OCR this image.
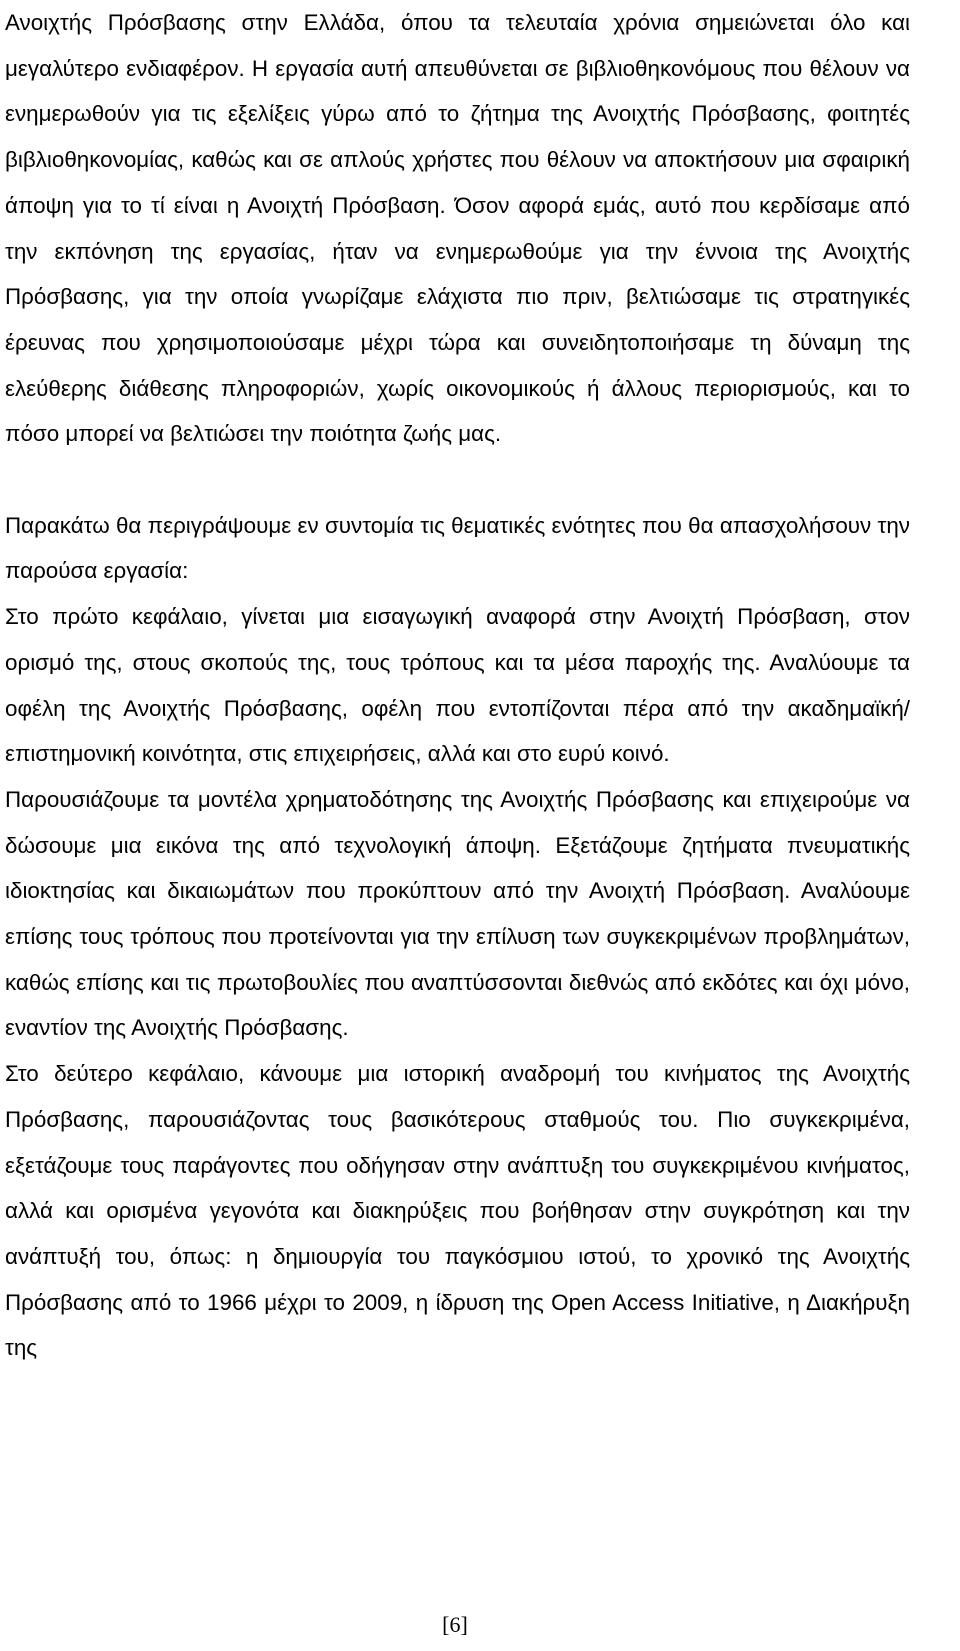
Ανοιχτής Πρόσβασης στην Ελλάδα, όπου τα τελευταία χρόνια σημειώνεται όλο και μεγαλύτερο ενδιαφέρον. Η εργασία αυτή απευθύνεται σε βιβλιοθηκονόμους που θέλουν να ενημερωθούν για τις εξελίξεις γύρω από το ζήτημα της Ανοιχτής Πρόσβασης, φοιτητές βιβλιοθηκονομίας, καθώς και σε απλούς χρήστες που θέλουν να αποκτήσουν μια σφαιρική άποψη για το τί είναι η Ανοιχτή Πρόσβαση. Όσον αφορά εμάς, αυτό που κερδίσαμε από την εκπόνηση της εργασίας, ήταν να ενημερωθούμε για την έννοια της Ανοιχτής Πρόσβασης, για την οποία γνωρίζαμε ελάχιστα πιο πριν, βελτιώσαμε τις στρατηγικές έρευνας που χρησιμοποιούσαμε μέχρι τώρα και συνειδητοποιήσαμε τη δύναμη της ελεύθερης διάθεσης πληροφοριών, χωρίς οικονομικούς ή άλλους περιορισμούς, και το πόσο μπορεί να βελτιώσει την ποιότητα ζωής μας.

Παρακάτω θα περιγράψουμε εν συντομία τις θεματικές ενότητες που θα απασχολήσουν την παρούσα εργασία:

Στο πρώτο κεφάλαιο, γίνεται μια εισαγωγική αναφορά στην Ανοιχτή Πρόσβαση, στον ορισμό της, στους σκοπούς της, τους τρόπους και τα μέσα παροχής της. Αναλύουμε τα οφέλη της Ανοιχτής Πρόσβασης, οφέλη που εντοπίζονται πέρα από την ακαδημαϊκή/ επιστημονική κοινότητα, στις επιχειρήσεις, αλλά και στο ευρύ κοινό.

Παρουσιάζουμε τα μοντέλα χρηματοδότησης της Ανοιχτής Πρόσβασης και επιχειρούμε να δώσουμε μια εικόνα της από τεχνολογική άποψη. Εξετάζουμε ζητήματα πνευματικής ιδιοκτησίας και δικαιωμάτων που προκύπτουν από την Ανοιχτή Πρόσβαση. Αναλύουμε επίσης τους τρόπους που προτείνονται για την επίλυση των συγκεκριμένων προβλημάτων, καθώς επίσης και τις πρωτοβουλίες που αναπτύσσονται διεθνώς από εκδότες και όχι μόνο, εναντίον της Ανοιχτής Πρόσβασης.

Στο δεύτερο κεφάλαιο, κάνουμε μια ιστορική αναδρομή του κινήματος της Ανοιχτής Πρόσβασης, παρουσιάζοντας τους βασικότερους σταθμούς του. Πιο συγκεκριμένα, εξετάζουμε τους παράγοντες που οδήγησαν στην ανάπτυξη του συγκεκριμένου κινήματος, αλλά και ορισμένα γεγονότα και διακηρύξεις που βοήθησαν στην συγκρότηση και την ανάπτυξή του, όπως: η δημιουργία του παγκόσμιου ιστού, το χρονικό της Ανοιχτής Πρόσβασης από το 1966 μέχρι το 2009, η ίδρυση της Open Access Initiative, η Διακήρυξη της

[6]
